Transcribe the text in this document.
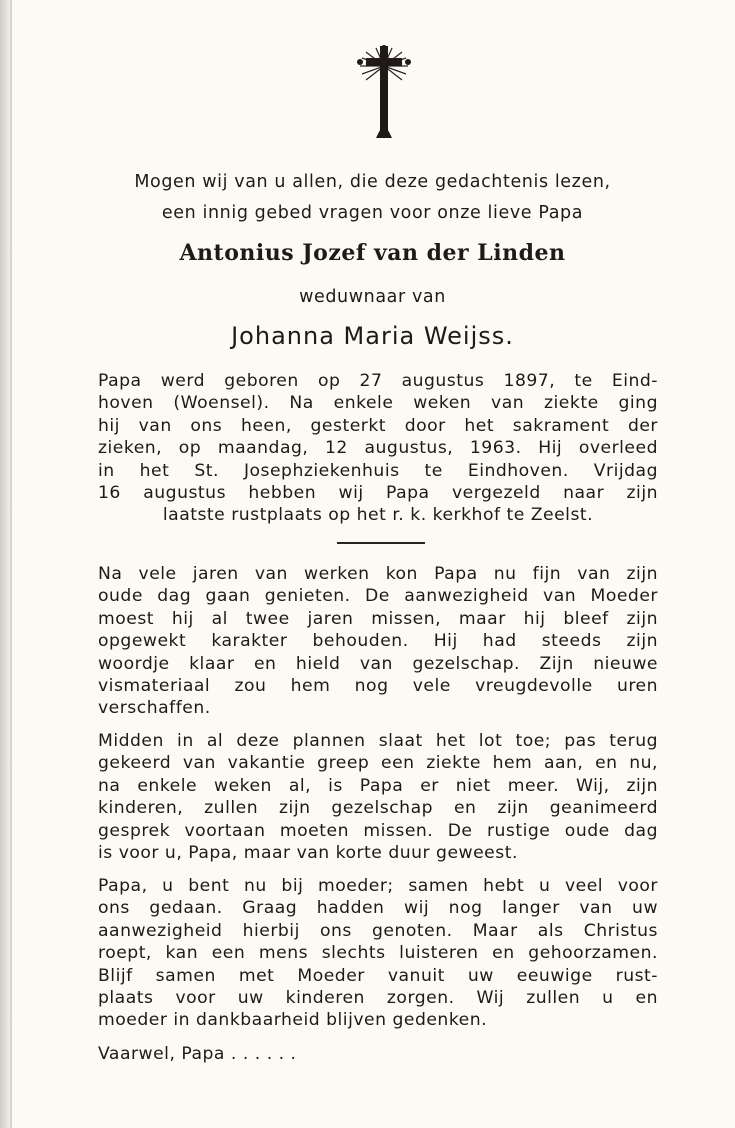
Mogen wij van u allen, die deze gedachtenis lezen,
een innig gebed vragen voor onze lieve Papa
Antonius Jozef van der Linden
weduwnaar van
Johanna Maria Weijss.
Papa werd geboren op 27 augustus 1897, te Eind-
hoven (Woensel). Na enkele weken van ziekte ging
hij van ons heen, gesterkt door het sakrament der
zieken, op maandag, 12 augustus, 1963. Hij overleed
in het St. Josephziekenhuis te Eindhoven. Vrijdag
16 augustus hebben wij Papa vergezeld naar zijn
laatste rustplaats op het r. k. kerkhof te Zeelst.
Na vele jaren van werken kon Papa nu fijn van zijn
oude dag gaan genieten. De aanwezigheid van Moeder
moest hij al twee jaren missen, maar hij bleef zijn
opgewekt karakter behouden. Hij had steeds zijn
woordje klaar en hield van gezelschap. Zijn nieuwe
vismateriaal zou hem nog vele vreugdevolle uren
verschaffen.
Midden in al deze plannen slaat het lot toe; pas terug
gekeerd van vakantie greep een ziekte hem aan, en nu,
na enkele weken al, is Papa er niet meer. Wij, zijn
kinderen, zullen zijn gezelschap en zijn geanimeerd
gesprek voortaan moeten missen. De rustige oude dag
is voor u, Papa, maar van korte duur geweest.
Papa, u bent nu bij moeder; samen hebt u veel voor
ons gedaan. Graag hadden wij nog langer van uw
aanwezigheid hierbij ons genoten. Maar als Christus
roept, kan een mens slechts luisteren en gehoorzamen.
Blijf samen met Moeder vanuit uw eeuwige rust-
plaats voor uw kinderen zorgen. Wij zullen u en
moeder in dankbaarheid blijven gedenken.
Vaarwel, Papa . . . . . .
